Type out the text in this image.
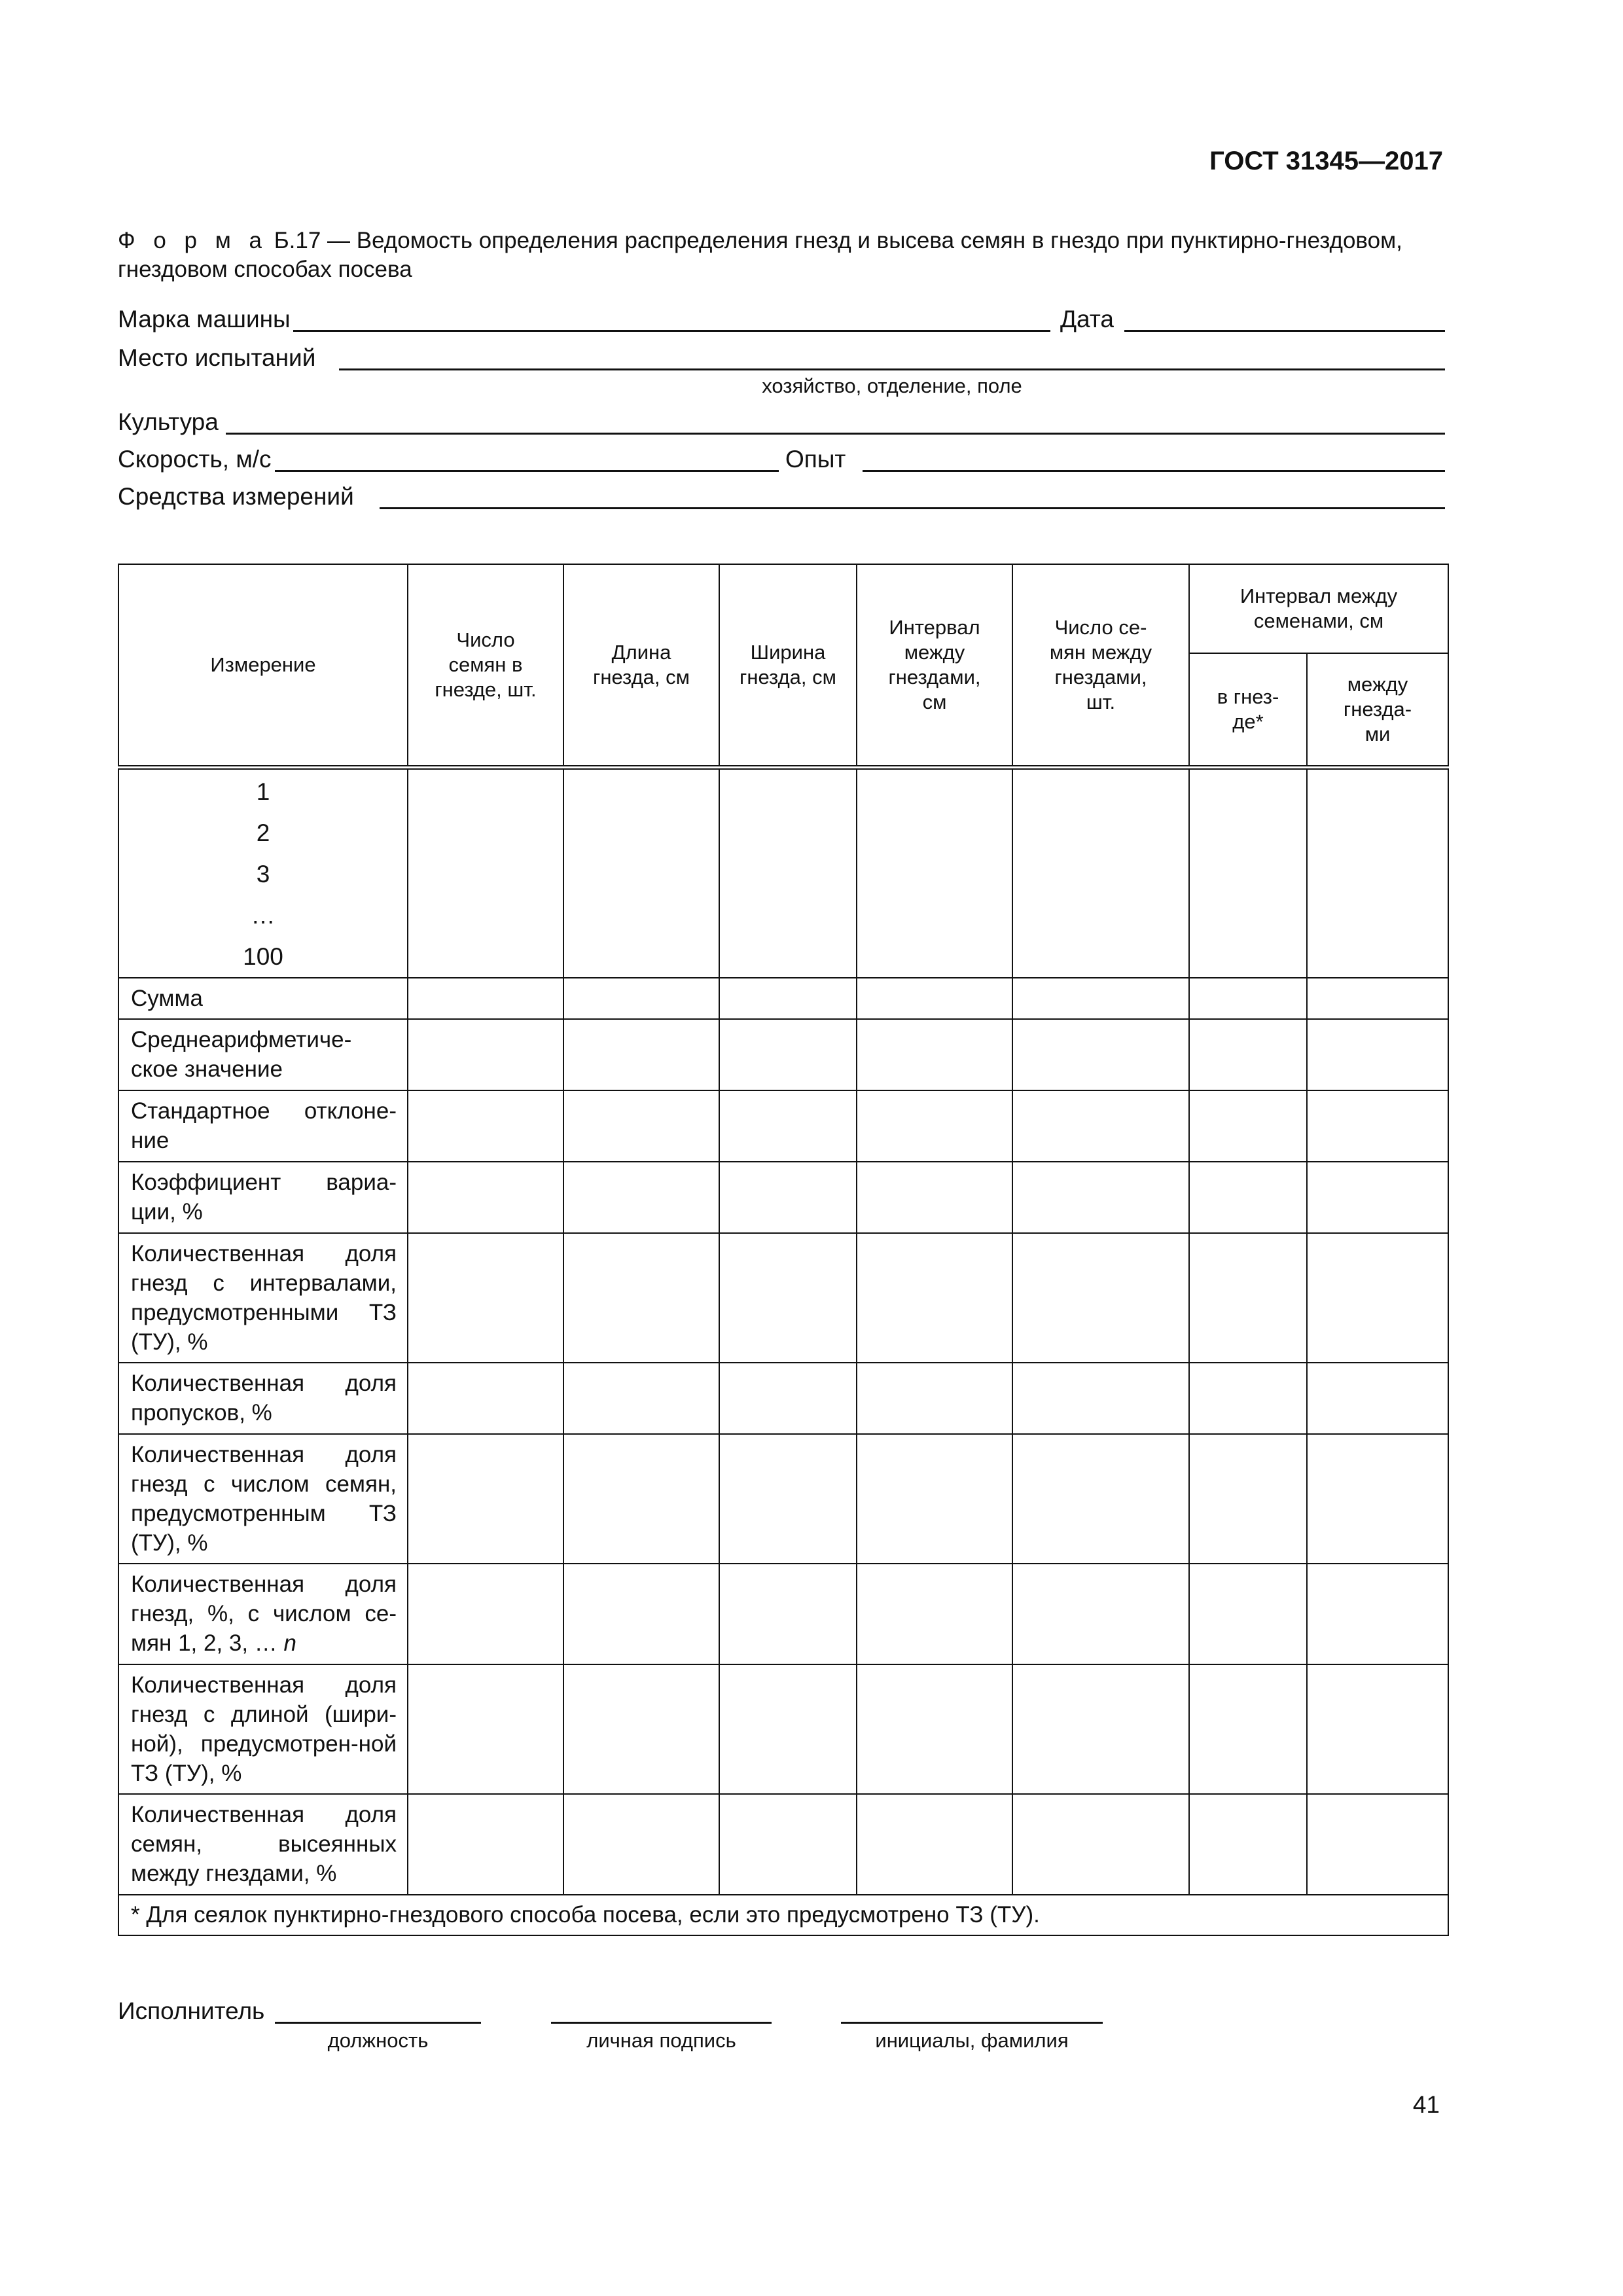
ГОСТ 31345—2017
Ф о р м а Б.17 — Ведомость определения распределения гнезд и высева семян в гнездо при пунктирно-гнездовом,
гнездовом способах посева
Марка машины	Дата
Место испытаний
хозяйство, отделение, поле
Культура
Скорость, м/с	Опыт
Средства измерений
Измерение	Число семян в гнезде, шт.	Длина гнезда, см	Ширина гнезда, см	Интервал между гнездами, см	Число се-мян между гнездами, шт.	Интервал между семенами, см	
						в гнез-де*	между гнезда-ми

1
2
3
…
100							

Сумма							
Среднеарифметиче-ское значение							
Стандартное отклоне-ние							
Коэффициент вариа-ции, %							
Количественная доля гнезд с интервалами, предусмотренными ТЗ (ТУ), %							
Количественная доля пропусков, %							
Количественная доля гнезд с числом семян, предусмотренным ТЗ (ТУ), %							
Количественная доля гнезд, %, с числом се-мян 1, 2, 3, … n							
Количественная доля гнезд с длиной (шири-ной), предусмотрен-ной ТЗ (ТУ), %							
Количественная доля семян, высеянных между гнездами, %							
* Для сеялок пунктирно-гнездового способа посева, если это предусмотрено ТЗ (ТУ).							
Исполнитель
должность	личная подпись	инициалы, фамилия
41
